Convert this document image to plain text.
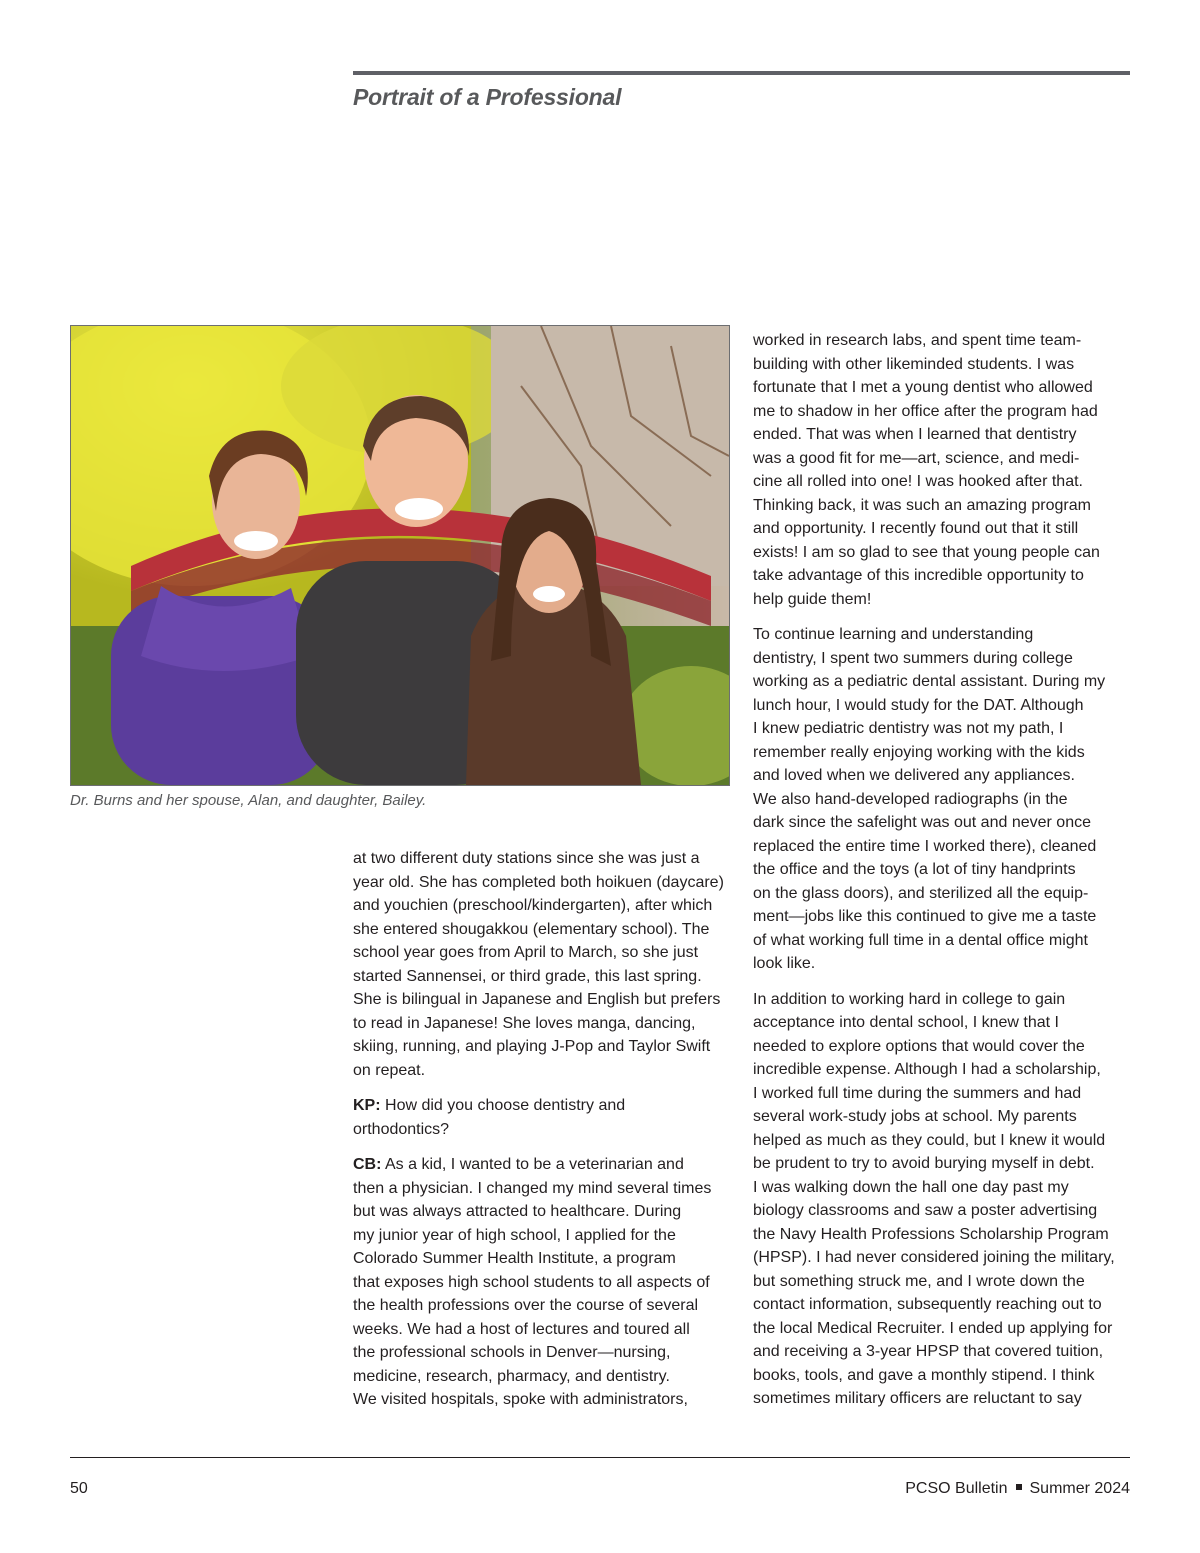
Portrait of a Professional

Dr. Burns and her spouse, Alan, and daughter, Bailey.

at two different duty stations since she was just a
year old. She has completed both hoikuen (daycare)
and youchien (preschool/kindergarten), after which
she entered shougakkou (elementary school). The
school year goes from April to March, so she just
started Sannensei, or third grade, this last spring.
She is bilingual in Japanese and English but prefers
to read in Japanese! She loves manga, dancing,
skiing, running, and playing J-Pop and Taylor Swift
on repeat.

KP: How did you choose dentistry and
orthodontics?

CB: As a kid, I wanted to be a veterinarian and
then a physician. I changed my mind several times
but was always attracted to healthcare. During
my junior year of high school, I applied for the
Colorado Summer Health Institute, a program
that exposes high school students to all aspects of
the health professions over the course of several
weeks. We had a host of lectures and toured all
the professional schools in Denver—nursing,
medicine, research, pharmacy, and dentistry.
We visited hospitals, spoke with administrators,

worked in research labs, and spent time team-
building with other likeminded students. I was
fortunate that I met a young dentist who allowed
me to shadow in her office after the program had
ended. That was when I learned that dentistry
was a good fit for me—art, science, and medi-
cine all rolled into one! I was hooked after that.
Thinking back, it was such an amazing program
and opportunity. I recently found out that it still
exists! I am so glad to see that young people can
take advantage of this incredible opportunity to
help guide them!

To continue learning and understanding
dentistry, I spent two summers during college
working as a pediatric dental assistant. During my
lunch hour, I would study for the DAT. Although
I knew pediatric dentistry was not my path, I
remember really enjoying working with the kids
and loved when we delivered any appliances.
We also hand-developed radiographs (in the
dark since the safelight was out and never once
replaced the entire time I worked there), cleaned
the office and the toys (a lot of tiny handprints
on the glass doors), and sterilized all the equip-
ment—jobs like this continued to give me a taste
of what working full time in a dental office might
look like.

In addition to working hard in college to gain
acceptance into dental school, I knew that I
needed to explore options that would cover the
incredible expense. Although I had a scholarship,
I worked full time during the summers and had
several work-study jobs at school. My parents
helped as much as they could, but I knew it would
be prudent to try to avoid burying myself in debt.
I was walking down the hall one day past my
biology classrooms and saw a poster advertising
the Navy Health Professions Scholarship Program
(HPSP). I had never considered joining the military,
but something struck me, and I wrote down the
contact information, subsequently reaching out to
the local Medical Recruiter. I ended up applying for
and receiving a 3-year HPSP that covered tuition,
books, tools, and gave a monthly stipend. I think
sometimes military officers are reluctant to say

50	PCSO Bulletin Summer 2024
